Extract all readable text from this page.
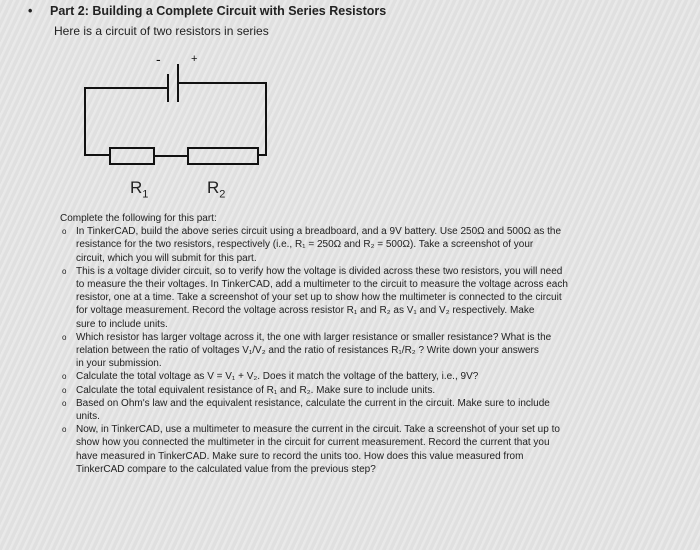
• Part 2: Building a Complete Circuit with Series Resistors
Here is a circuit of two resistors in series
-	+
$R_1$	$R_2$

Complete the following for this part:

o In TinkerCAD, build the above series circuit using a breadboard, and a 9V battery. Use 250Ω and 500Ω as the
resistance for the two resistors, respectively (i.e., R₁ = 250Ω and R₂ = 500Ω). Take a screenshot of your
circuit, which you will submit for this part.
o This is a voltage divider circuit, so to verify how the voltage is divided across these two resistors, you will need
to measure the their voltages. In TinkerCAD, add a multimeter to the circuit to measure the voltage across each
resistor, one at a time. Take a screenshot of your set up to show how the multimeter is connected to the circuit
for voltage measurement. Record the voltage across resistor R₁ and R₂ as V₁ and V₂ respectively. Make
sure to include units.
o Which resistor has larger voltage across it, the one with larger resistance or smaller resistance? What is the
relation between the ratio of voltages V₁/V₂ and the ratio of resistances R₁/R₂ ? Write down your answers
in your submission.
o Calculate the total voltage as V = V₁ + V₂. Does it match the voltage of the battery, i.e., 9V?
o Calculate the total equivalent resistance of R₁ and R₂. Make sure to include units.
o Based on Ohm's law and the equivalent resistance, calculate the current in the circuit. Make sure to include
units.
o Now, in TinkerCAD, use a multimeter to measure the current in the circuit. Take a screenshot of your set up to
show how you connected the multimeter in the circuit for current measurement. Record the current that you
have measured in TinkerCAD. Make sure to record the units too. How does this value measured from
TinkerCAD compare to the calculated value from the previous step?
